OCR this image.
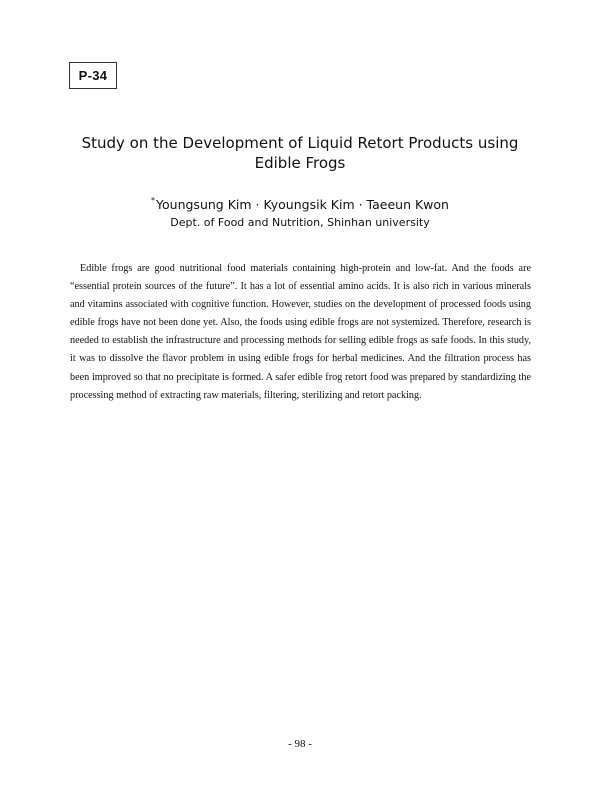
P-34
Study on the Development of Liquid Retort Products using
Edible Frogs
*Youngsung Kim · Kyoungsik Kim · Taeeun Kwon
Dept. of Food and Nutrition, Shinhan university

Edible frogs are good nutritional food materials containing high-protein and low-fat. And the foods are “essential protein sources of the future”. It has a lot of essential amino acids. It is also rich in various minerals and vitamins associated with cognitive function. However, studies on the development of processed foods using edible frogs have not been done yet. Also, the foods using edible frogs are not systemized. Therefore, research is needed to establish the infrastructure and processing methods for selling edible frogs as safe foods. In this study, it was to dissolve the flavor problem in using edible frogs for herbal medicines. And the filtration process has been improved so that no precipitate is formed. A safer edible frog retort food was prepared by standardizing the processing method of extracting raw materials, filtering, sterilizing and retort packing.

- 98 -
